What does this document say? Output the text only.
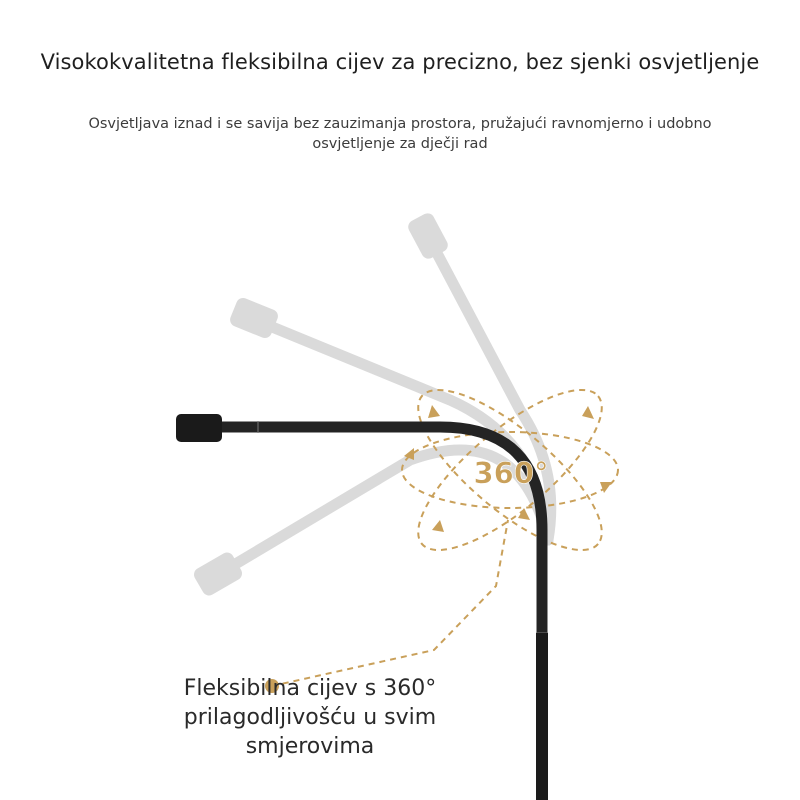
Visokokvalitetna fleksibilna cijev za precizno, bez sjenki osvjetljenje
Osvjetljava iznad i se savija bez zauzimanja prostora, pružajući ravnomjerno i udobno osvjetljenje za dječji rad
360°
Fleksibilna cijev s 360°
prilagodljivošću u svim
smjerovima
